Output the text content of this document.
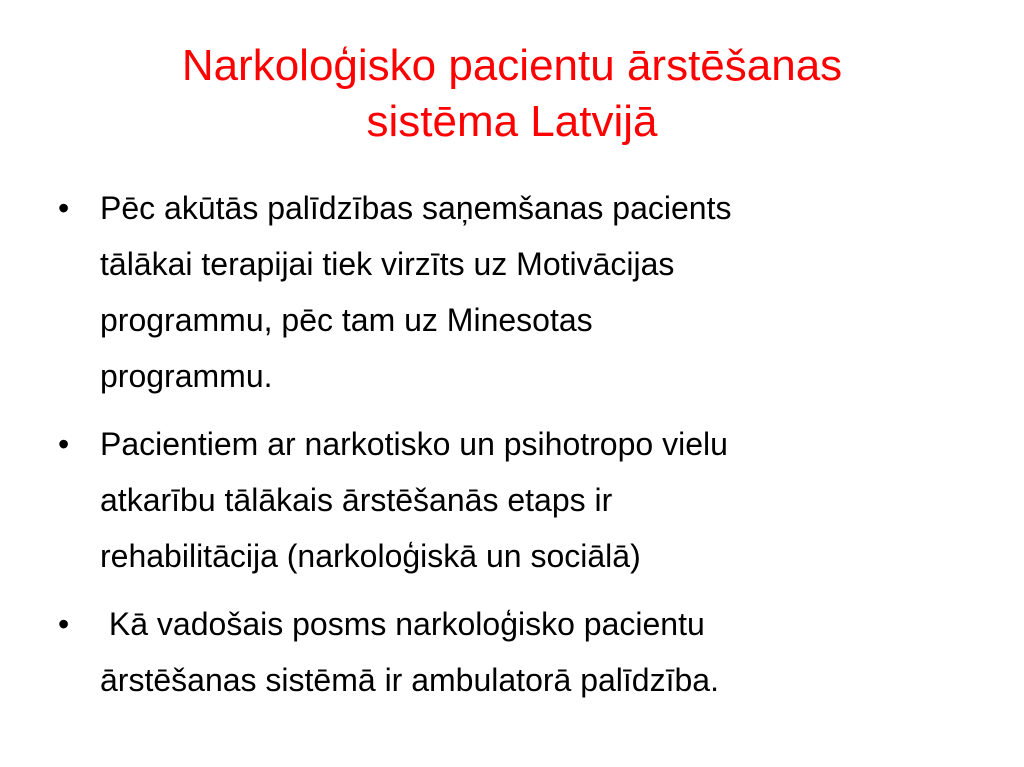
Narkoloģisko pacientu ārstēšanas
sistēma Latvijā
• Pēc akūtās palīdzības saņemšanas pacients
tālākai terapijai tiek virzīts uz Motivācijas
programmu, pēc tam uz Minesotas
programmu.
• Pacientiem ar narkotisko un psihotropo vielu
atkarību tālākais ārstēšanās etaps ir
rehabilitācija (narkoloģiskā un sociālā)
• Kā vadošais posms narkoloģisko pacientu
ārstēšanas sistēmā ir ambulatorā palīdzība.
